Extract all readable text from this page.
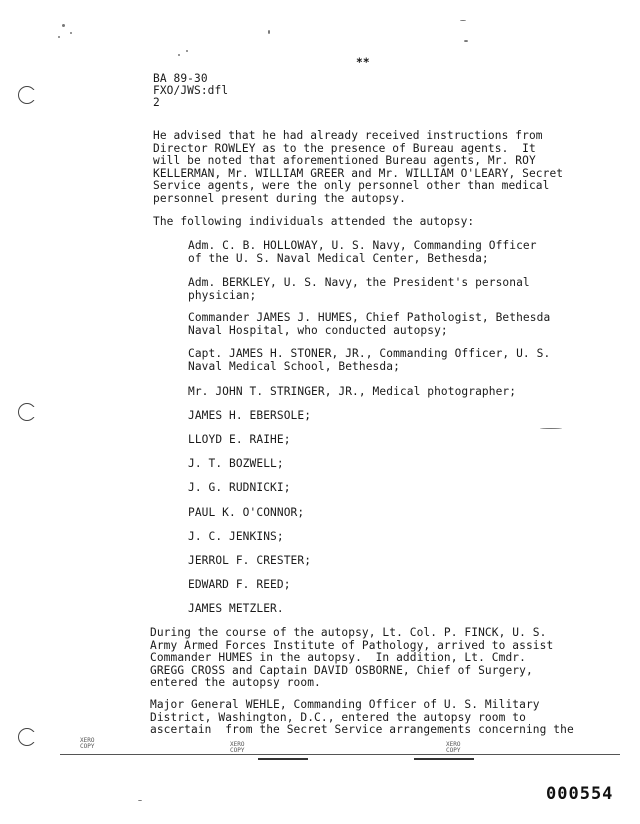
**
BA 89-30
FXO/JWS:dfl
2
He advised that he had already received instructions from
Director ROWLEY as to the presence of Bureau agents.  It
will be noted that aforementioned Bureau agents, Mr. ROY
KELLERMAN, Mr. WILLIAM GREER and Mr. WILLIAM O'LEARY, Secret
Service agents, were the only personnel other than medical
personnel present during the autopsy.
The following individuals attended the autopsy:
Adm. C. B. HOLLOWAY, U. S. Navy, Commanding Officer
of the U. S. Naval Medical Center, Bethesda;
Adm. BERKLEY, U. S. Navy, the President's personal
physician;
Commander JAMES J. HUMES, Chief Pathologist, Bethesda
Naval Hospital, who conducted autopsy;
Capt. JAMES H. STONER, JR., Commanding Officer, U. S.
Naval Medical School, Bethesda;
Mr. JOHN T. STRINGER, JR., Medical photographer;
JAMES H. EBERSOLE;
LLOYD E. RAIHE;
J. T. BOZWELL;
J. G. RUDNICKI;
PAUL K. O'CONNOR;
J. C. JENKINS;
JERROL F. CRESTER;
EDWARD F. REED;
JAMES METZLER.
During the course of the autopsy, Lt. Col. P. FINCK, U. S.
Army Armed Forces Institute of Pathology, arrived to assist
Commander HUMES in the autopsy.  In addition, Lt. Cmdr.
GREGG CROSS and Captain DAVID OSBORNE, Chief of Surgery,
entered the autopsy room.
Major General WEHLE, Commanding Officer of U. S. Military
District, Washington, D.C., entered the autopsy room to
ascertain  from the Secret Service arrangements concerning the
XERO
COPY	XERO
COPY
XERO
COPY
000554
